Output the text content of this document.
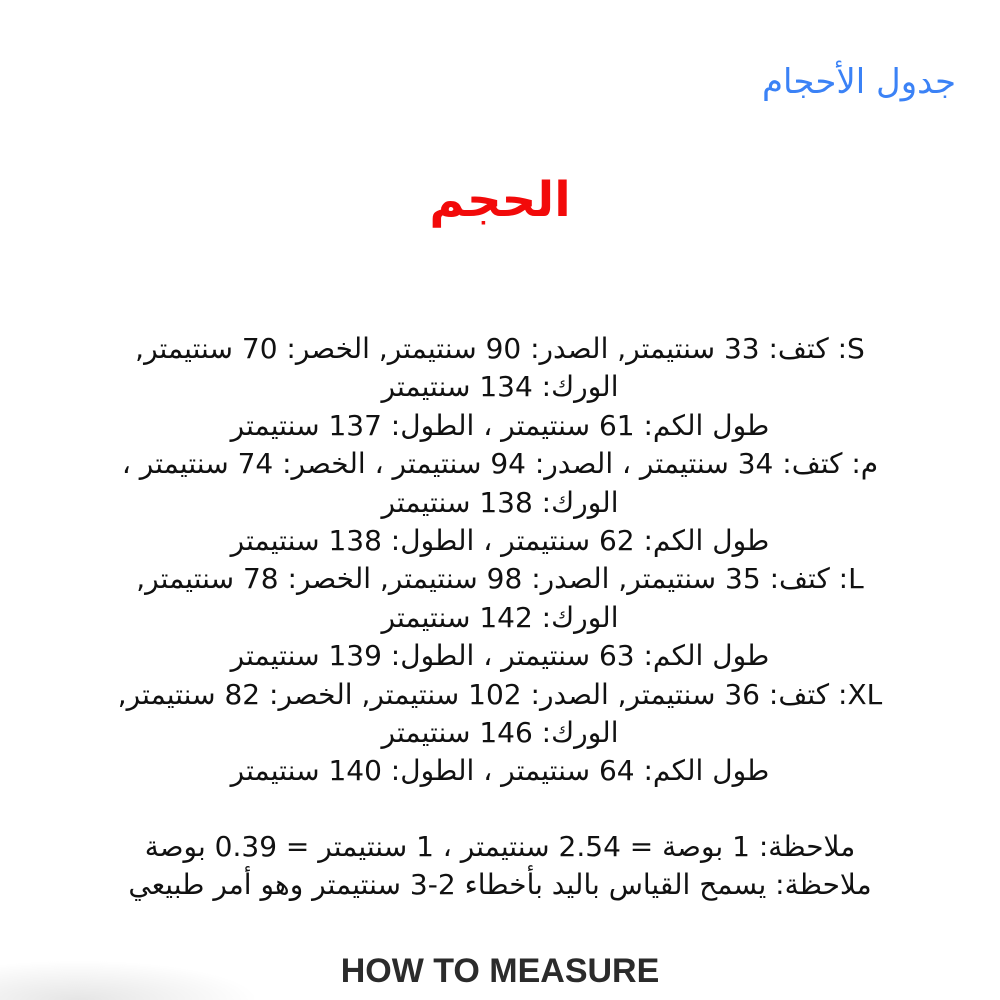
جدول الأحجام
الحجم
S: كتف: 33 سنتيمتر, الصدر: 90 سنتيمتر, الخصر: 70 سنتيمتر,
الورك: 134 سنتيمتر
طول الكم: 61 سنتيمتر ، الطول: 137 سنتيمتر
م: كتف: 34 سنتيمتر ، الصدر: 94 سنتيمتر ، الخصر: 74 سنتيمتر ،
الورك: 138 سنتيمتر
طول الكم: 62 سنتيمتر ، الطول: 138 سنتيمتر
L: كتف: 35 سنتيمتر, الصدر: 98 سنتيمتر, الخصر: 78 سنتيمتر,
الورك: 142 سنتيمتر
طول الكم: 63 سنتيمتر ، الطول: 139 سنتيمتر
XL: كتف: 36 سنتيمتر, الصدر: 102 سنتيمتر, الخصر: 82 سنتيمتر,
الورك: 146 سنتيمتر
طول الكم: 64 سنتيمتر ، الطول: 140 سنتيمتر
ملاحظة: 1 بوصة = 2.54 سنتيمتر ، 1 سنتيمتر = 0.39 بوصة
ملاحظة: يسمح القياس باليد بأخطاء 2-3 سنتيمتر وهو أمر طبيعي
HOW TO MEASURE
